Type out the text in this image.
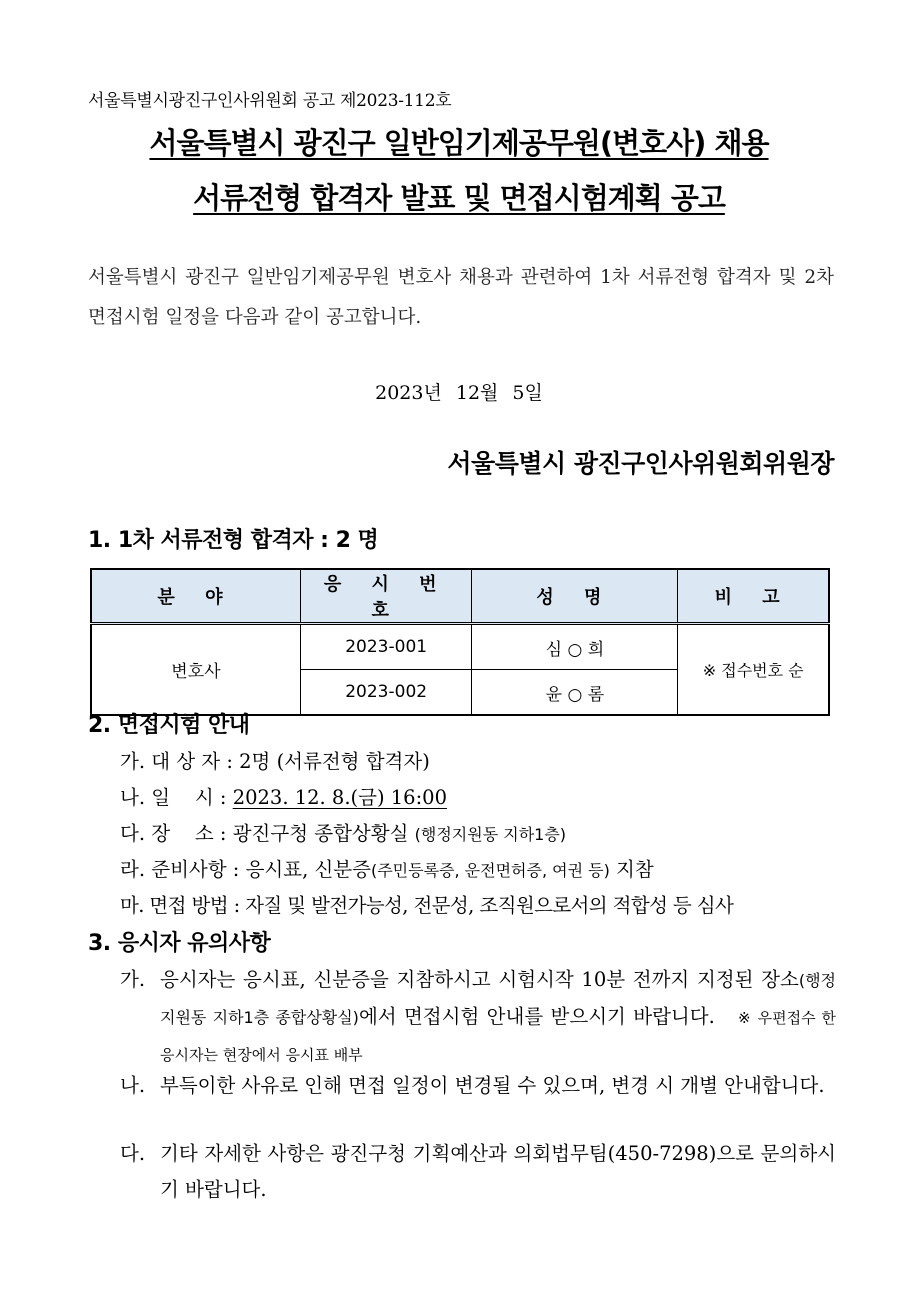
서울특별시광진구인사위원회 공고 제2023-112호
서울특별시 광진구 일반임기제공무원(변호사) 채용
서류전형 합격자 발표 및 면접시험계획 공고
서울특별시 광진구 일반임기제공무원 변호사 채용과 관련하여 1차 서류전형 합격자 및 2차 면접시험 일정을 다음과 같이 공고합니다.
2023년 12월 5일
서울특별시 광진구인사위원회위원장
1. 1차 서류전형 합격자 : 2 명
분 야	응 시 번 호	성 명	비 고
변호사	2023-001	심 ○ 희	※ 접수번호 순
	2023-002	윤 ○ 롬	
2. 면접시험 안내
가. 대 상 자 : 2명 (서류전형 합격자)
나. 일    시 : 2023. 12. 8.(금) 16:00
다. 장    소 : 광진구청 종합상황실 (행정지원동 지하1층)
라. 준비사항 : 응시표, 신분증(주민등록증, 운전면허증, 여권 등) 지참
마. 면접 방법 : 자질 및 발전가능성, 전문성, 조직원으로서의 적합성 등 심사
3. 응시자 유의사항
가. 응시자는 응시표, 신분증을 지참하시고 시험시작 10분 전까지 지정된 장소(행정지원동 지하1층 종합상황실)에서 면접시험 안내를 받으시기 바랍니다. ※ 우편접수 한 응시자는 현장에서 응시표 배부
나. 부득이한 사유로 인해 면접 일정이 변경될 수 있으며, 변경 시 개별 안내합니다.
다. 기타 자세한 사항은 광진구청 기획예산과 의회법무팀(450-7298)으로 문의하시기 바랍니다.
